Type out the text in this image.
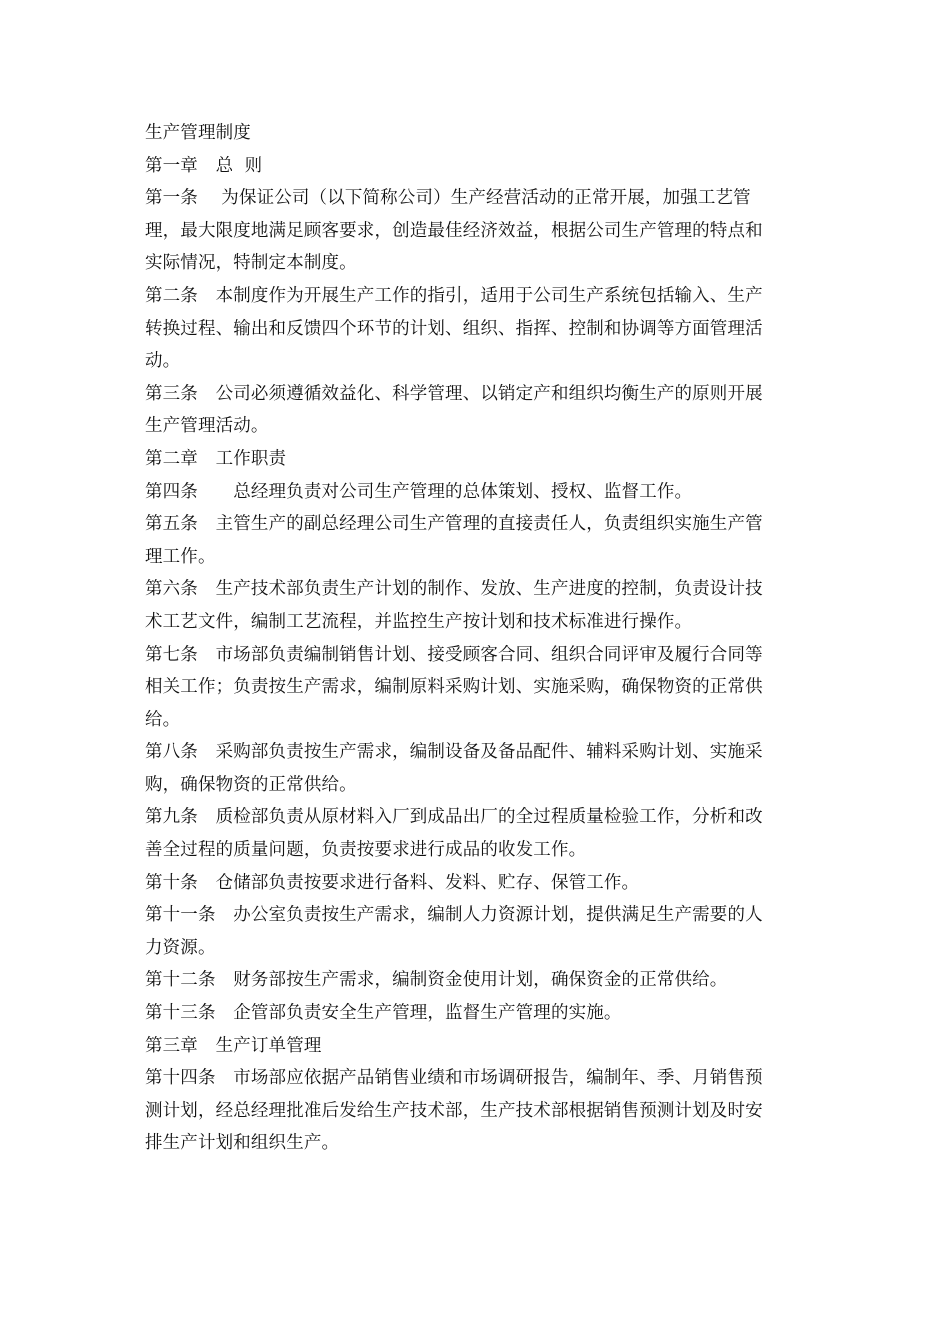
生产管理制度
第一章　总  则
第一条　 为保证公司（以下简称公司）生产经营活动的正常开展，加强工艺管
理，最大限度地满足顾客要求，创造最佳经济效益，根据公司生产管理的特点和
实际情况，特制定本制度。
第二条　本制度作为开展生产工作的指引，适用于公司生产系统包括输入、生产
转换过程、输出和反馈四个环节的计划、组织、指挥、控制和协调等方面管理活
动。
第三条　公司必须遵循效益化、科学管理、以销定产和组织均衡生产的原则开展
生产管理活动。
第二章　工作职责
第四条　　总经理负责对公司生产管理的总体策划、授权、监督工作。
第五条　主管生产的副总经理公司生产管理的直接责任人，负责组织实施生产管
理工作。
第六条　生产技术部负责生产计划的制作、发放、生产进度的控制，负责设计技
术工艺文件，编制工艺流程，并监控生产按计划和技术标准进行操作。
第七条　市场部负责编制销售计划、接受顾客合同、组织合同评审及履行合同等
相关工作；负责按生产需求，编制原料采购计划、实施采购，确保物资的正常供
给。
第八条　采购部负责按生产需求，编制设备及备品配件、辅料采购计划、实施采
购，确保物资的正常供给。
第九条　质检部负责从原材料入厂到成品出厂的全过程质量检验工作，分析和改
善全过程的质量问题，负责按要求进行成品的收发工作。
第十条　仓储部负责按要求进行备料、发料、贮存、保管工作。
第十一条　办公室负责按生产需求，编制人力资源计划，提供满足生产需要的人
力资源。
第十二条　财务部按生产需求，编制资金使用计划，确保资金的正常供给。
第十三条　企管部负责安全生产管理，监督生产管理的实施。
第三章　生产订单管理
第十四条　市场部应依据产品销售业绩和市场调研报告，编制年、季、月销售预
测计划，经总经理批准后发给生产技术部，生产技术部根据销售预测计划及时安
排生产计划和组织生产。
